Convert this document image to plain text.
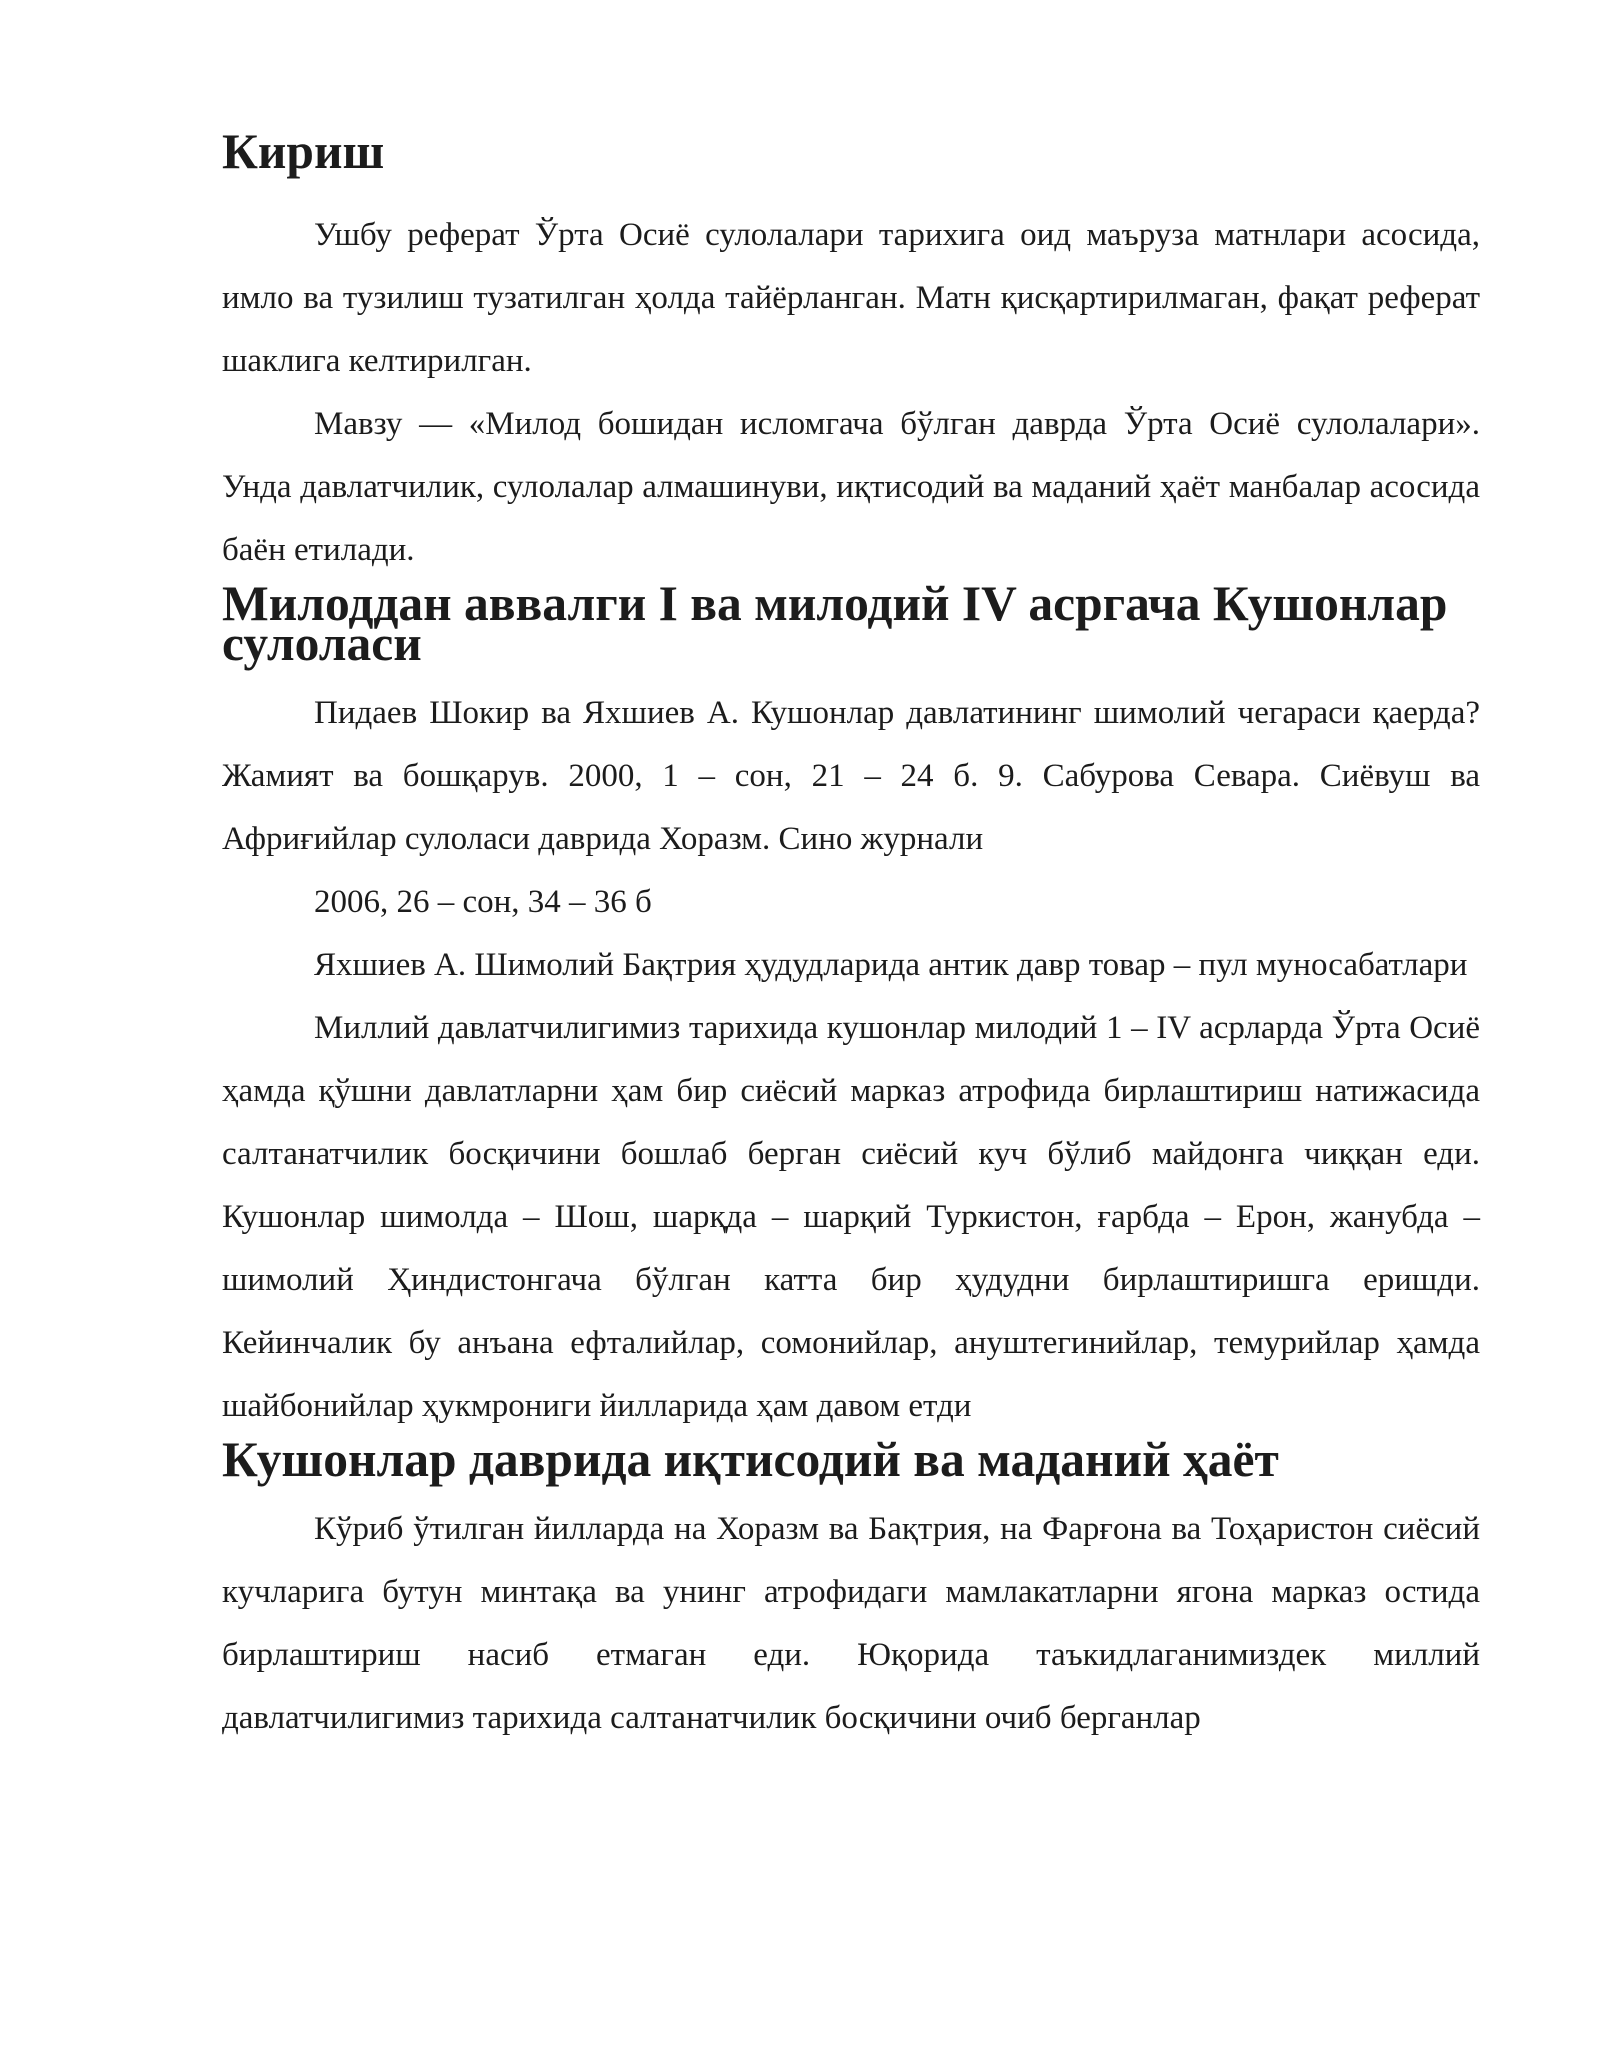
Кириш

Ушбу реферат Ўрта Осиё сулолалари тарихига оид маъруза матнлари асосида, имло ва тузилиш тузатилган ҳолда тайёрланган. Матн қисқартирилмаган, фақат реферат шаклига келтирилган.

Мавзу — «Милод бошидан исломгача бўлган даврда Ўрта Осиё сулолалари». Унда давлатчилик, сулолалар алмашинуви, иқтисодий ва маданий ҳаёт манбалар асосида баён етилади.

Милоддан аввалги I ва милодий IV асргача Кушонлар сулоласи

Пидаев Шокир ва Яхшиев А. Кушонлар давлатининг шимолий чегараси қаерда? Жамият ва бошқарув. 2000, 1 – сон, 21 – 24 б. 9. Сабурова Севара. Сиёвуш ва Африғийлар сулоласи даврида Хоразм. Сино журнали

2006, 26 – сон, 34 – 36 б

Яхшиев А. Шимолий Бақтрия ҳудудларида антик давр товар – пул муносабатлари

Миллий давлатчилигимиз тарихида кушонлар милодий 1 – IV асрларда Ўрта Осиё ҳамда қўшни давлатларни ҳам бир сиёсий марказ атрофида бирлаштириш натижасида салтанатчилик босқичини бошлаб берган сиёсий куч бўлиб майдонга чиққан еди. Кушонлар шимолда – Шош, шарқда – шарқий Туркистон, ғарбда – Ерон, жанубда – шимолий Ҳиндистонгача бўлган катта бир ҳудудни бирлаштиришга еришди. Кейинчалик бу анъана ефталийлар, сомонийлар, ануштегинийлар, темурийлар ҳамда шайбонийлар ҳукмрониги йилларида ҳам давом етди

Кушонлар даврида иқтисодий ва маданий ҳаёт

Кўриб ўтилган йилларда на Хоразм ва Бақтрия, на Фарғона ва Тоҳаристон сиёсий кучларига бутун минтақа ва унинг атрофидаги мамлакатларни ягона марказ остида бирлаштириш насиб етмаган еди. Юқорида таъкидлаганимиздек миллий давлатчилигимиз тарихида салтанатчилик босқичини очиб берганлар
